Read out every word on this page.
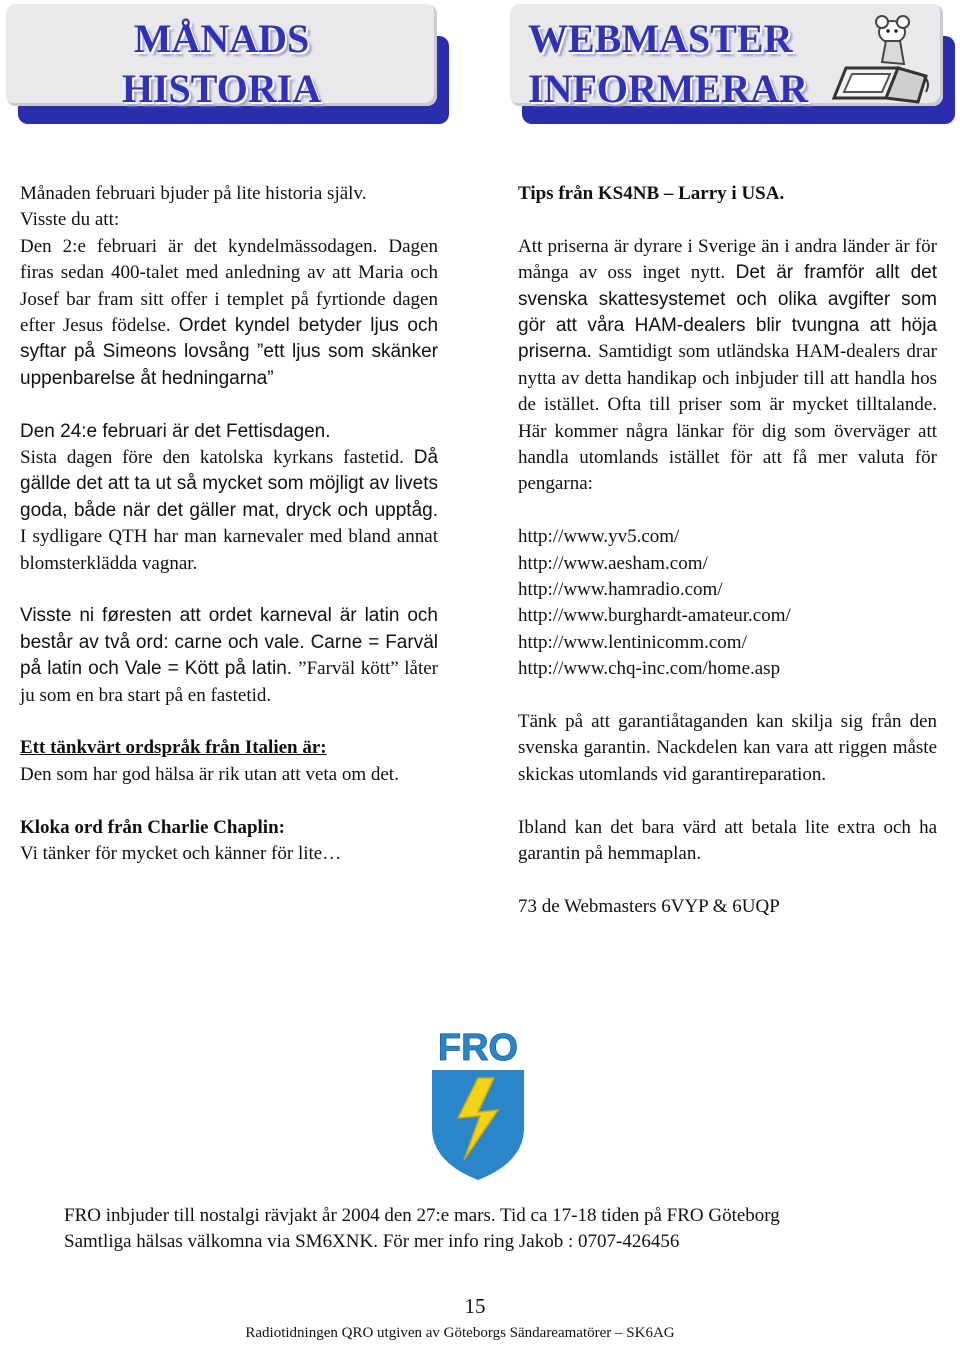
MÅNADS
HISTORIA
WEBMASTER
INFORMERAR

Månaden februari bjuder på lite historia själv.

Visste du att:

Den 2:e februari är det kyndelmässodagen. Dagen firas sedan 400-talet med anledning av att Maria och Josef bar fram sitt offer i templet på fyrtionde dagen efter Jesus födelse. Ordet kyndel betyder ljus och syftar på Simeons lovsång ”ett ljus som skänker uppenbarelse åt hedningarna”

Den 24:e februari är det Fettisdagen.
Sista dagen före den katolska kyrkans fastetid. Då gällde det att ta ut så mycket som möjligt av livets goda, både när det gäller mat, dryck och upptåg. I sydligare QTH har man karnevaler med bland annat blomsterklädda vagnar.

Visste ni føresten att ordet karneval är latin och består av två ord: carne och vale. Carne = Farväl på latin och Vale = Kött på latin. ”Farväl kött” låter ju som en bra start på en fastetid.

Ett tänkvärt ordspråk från Italien är:

Den som har god hälsa är rik utan att veta om det.

Kloka ord från Charlie Chaplin:

Vi tänker för mycket och känner för lite…

Tips från KS4NB – Larry i USA.

Att priserna är dyrare i Sverige än i andra länder är för många av oss inget nytt. Det är framför allt det svenska skattesystemet och olika avgifter som gör att våra HAM-dealers blir tvungna att höja priserna. Samtidigt som utländska HAM-dealers drar nytta av detta handikap och inbjuder till att handla hos de istället. Ofta till priser som är mycket tilltalande. Här kommer några länkar för dig som överväger att handla utomlands istället för att få mer valuta för pengarna:

http://www.yv5.com/

http://www.aesham.com/

http://www.hamradio.com/

http://www.burghardt-amateur.com/

http://www.lentinicomm.com/

http://www.chq-inc.com/home.asp

Tänk på att garantiåtaganden kan skilja sig från den svenska garantin. Nackdelen kan vara att riggen måste skickas utomlands vid garantireparation.

Ibland kan det bara värd att betala lite extra och ha garantin på hemmaplan.

73 de Webmasters 6VYP & 6UQP

FRO

FRO inbjuder till nostalgi rävjakt år 2004 den 27:e mars. Tid ca 17-18 tiden på FRO Göteborg

Samtliga hälsas välkomna via SM6XNK. För mer info ring Jakob : 0707-426456

15
Radiotidningen QRO utgiven av Göteborgs Sändareamatörer – SK6AG
